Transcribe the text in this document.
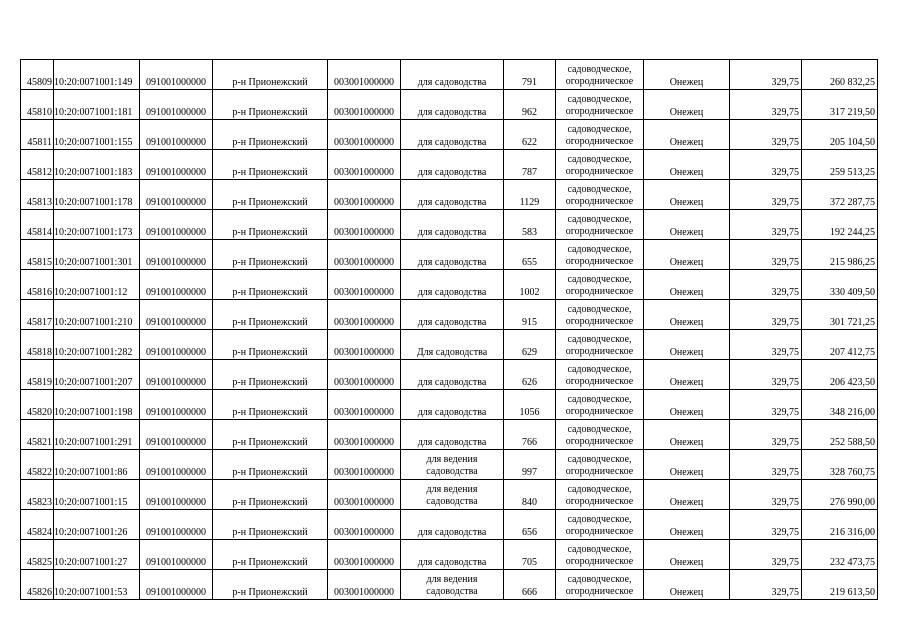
45809	10:20:0071001:149	091001000000	р-н Прионежский	003001000000	для садоводства	791	садоводческое, огородническое	Онежец	329,75	260 832,25
45810	10:20:0071001:181	091001000000	р-н Прионежский	003001000000	для садоводства	962	садоводческое, огородническое	Онежец	329,75	317 219,50
45811	10:20:0071001:155	091001000000	р-н Прионежский	003001000000	для садоводства	622	садоводческое, огородническое	Онежец	329,75	205 104,50
45812	10:20:0071001:183	091001000000	р-н Прионежский	003001000000	для садоводства	787	садоводческое, огородническое	Онежец	329,75	259 513,25
45813	10:20:0071001:178	091001000000	р-н Прионежский	003001000000	для садоводства	1129	садоводческое, огородническое	Онежец	329,75	372 287,75
45814	10:20:0071001:173	091001000000	р-н Прионежский	003001000000	для садоводства	583	садоводческое, огородническое	Онежец	329,75	192 244,25
45815	10:20:0071001:301	091001000000	р-н Прионежский	003001000000	для садоводства	655	садоводческое, огородническое	Онежец	329,75	215 986,25
45816	10:20:0071001:12	091001000000	р-н Прионежский	003001000000	для садоводства	1002	садоводческое, огородническое	Онежец	329,75	330 409,50
45817	10:20:0071001:210	091001000000	р-н Прионежский	003001000000	для садоводства	915	садоводческое, огородническое	Онежец	329,75	301 721,25
45818	10:20:0071001:282	091001000000	р-н Прионежский	003001000000	Для садоводства	629	садоводческое, огородническое	Онежец	329,75	207 412,75
45819	10:20:0071001:207	091001000000	р-н Прионежский	003001000000	для садоводства	626	садоводческое, огородническое	Онежец	329,75	206 423,50
45820	10:20:0071001:198	091001000000	р-н Прионежский	003001000000	для садоводства	1056	садоводческое, огородническое	Онежец	329,75	348 216,00
45821	10:20:0071001:291	091001000000	р-н Прионежский	003001000000	для садоводства	766	садоводческое, огородническое	Онежец	329,75	252 588,50
45822	10:20:0071001:86	091001000000	р-н Прионежский	003001000000	для ведения садоводства	997	садоводческое, огородническое	Онежец	329,75	328 760,75
45823	10:20:0071001:15	091001000000	р-н Прионежский	003001000000	для ведения садоводства	840	садоводческое, огородническое	Онежец	329,75	276 990,00
45824	10:20:0071001:26	091001000000	р-н Прионежский	003001000000	для садоводства	656	садоводческое, огородническое	Онежец	329,75	216 316,00
45825	10:20:0071001:27	091001000000	р-н Прионежский	003001000000	для садоводства	705	садоводческое, огородническое	Онежец	329,75	232 473,75
45826	10:20:0071001:53	091001000000	р-н Прионежский	003001000000	для ведения садоводства	666	садоводческое, огородническое	Онежец	329,75	219 613,50
